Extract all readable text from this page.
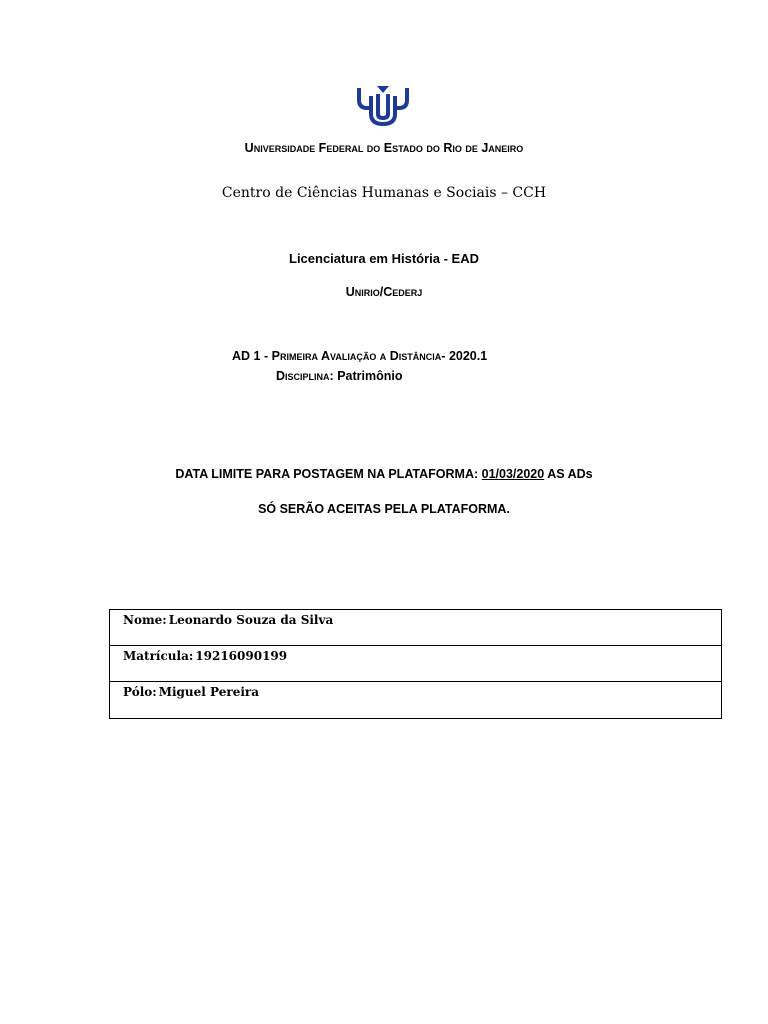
Universidade Federal do Estado do Rio de Janeiro
Centro de Ciências Humanas e Sociais – CCH
Licenciatura em História - EAD
Unirio/Cederj
AD 1 - Primeira Avaliação a Distância- 2020.1
Disciplina: Patrimônio
DATA LIMITE PARA POSTAGEM NA PLATAFORMA: 01/03/2020 AS ADs
SÓ SERÃO ACEITAS PELA PLATAFORMA.
Nome: Leonardo Souza da Silva
Matrícula: 19216090199
Pólo: Miguel Pereira
